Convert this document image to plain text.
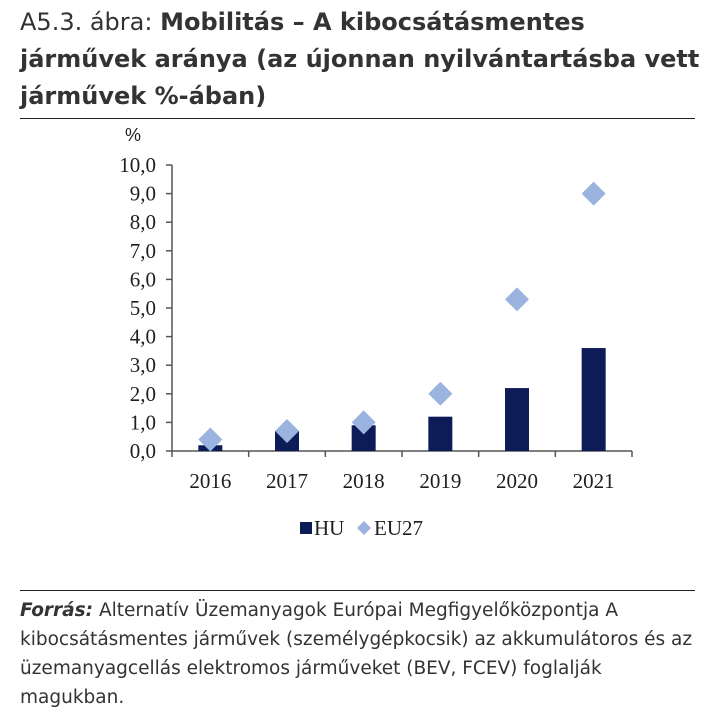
A5.3. ábra: Mobilitás – A kibocsátásmentes járművek aránya (az újonnan nyilvántartásba vett járművek %-ában)
%
0,0
1,0
2,0
3,0
4,0
5,0
6,0
7,0
8,0
9,0
10,0
2016 2017 2018 2019 2020 2021
HU EU27
Forrás: Alternatív Üzemanyagok Európai Megfigyelőközpontja A kibocsátásmentes járművek (személygépkocsik) az akkumulátoros és az üzemanyagcellás elektromos járműveket (BEV, FCEV) foglalják magukban.
